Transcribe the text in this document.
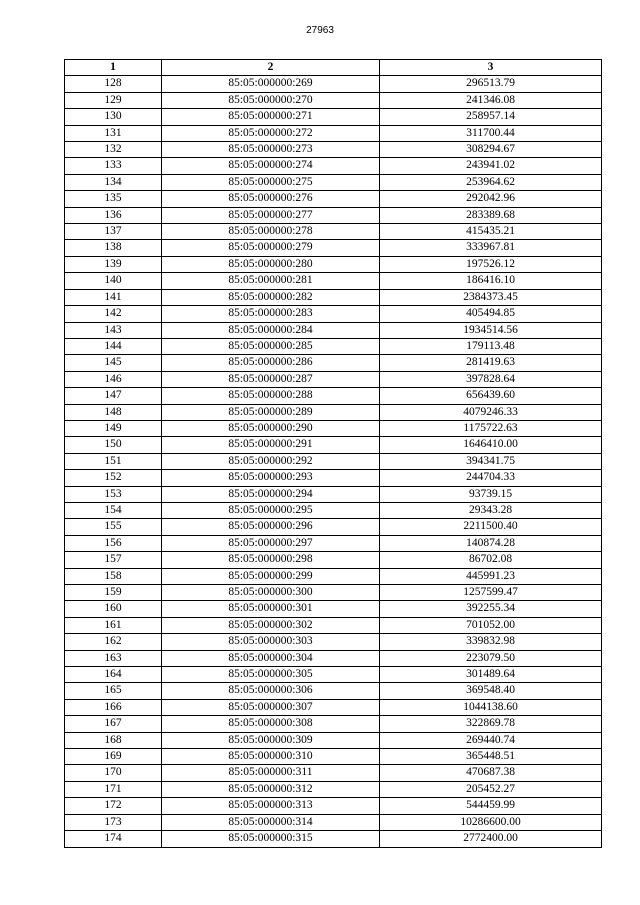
27963
1	2	3
128	85:05:000000:269	296513.79
129	85:05:000000:270	241346.08
130	85:05:000000:271	258957.14
131	85:05:000000:272	311700.44
132	85:05:000000:273	308294.67
133	85:05:000000:274	243941.02
134	85:05:000000:275	253964.62
135	85:05:000000:276	292042.96
136	85:05:000000:277	283389.68
137	85:05:000000:278	415435.21
138	85:05:000000:279	333967.81
139	85:05:000000:280	197526.12
140	85:05:000000:281	186416.10
141	85:05:000000:282	2384373.45
142	85:05:000000:283	405494.85
143	85:05:000000:284	1934514.56
144	85:05:000000:285	179113.48
145	85:05:000000:286	281419.63
146	85:05:000000:287	397828.64
147	85:05:000000:288	656439.60
148	85:05:000000:289	4079246.33
149	85:05:000000:290	1175722.63
150	85:05:000000:291	1646410.00
151	85:05:000000:292	394341.75
152	85:05:000000:293	244704.33
153	85:05:000000:294	93739.15
154	85:05:000000:295	29343.28
155	85:05:000000:296	2211500.40
156	85:05:000000:297	140874.28
157	85:05:000000:298	86702.08
158	85:05:000000:299	445991.23
159	85:05:000000:300	1257599.47
160	85:05:000000:301	392255.34
161	85:05:000000:302	701052.00
162	85:05:000000:303	339832.98
163	85:05:000000:304	223079.50
164	85:05:000000:305	301489.64
165	85:05:000000:306	369548.40
166	85:05:000000:307	1044138.60
167	85:05:000000:308	322869.78
168	85:05:000000:309	269440.74
169	85:05:000000:310	365448.51
170	85:05:000000:311	470687.38
171	85:05:000000:312	205452.27
172	85:05:000000:313	544459.99
173	85:05:000000:314	10286600.00
174	85:05:000000:315	2772400.00
